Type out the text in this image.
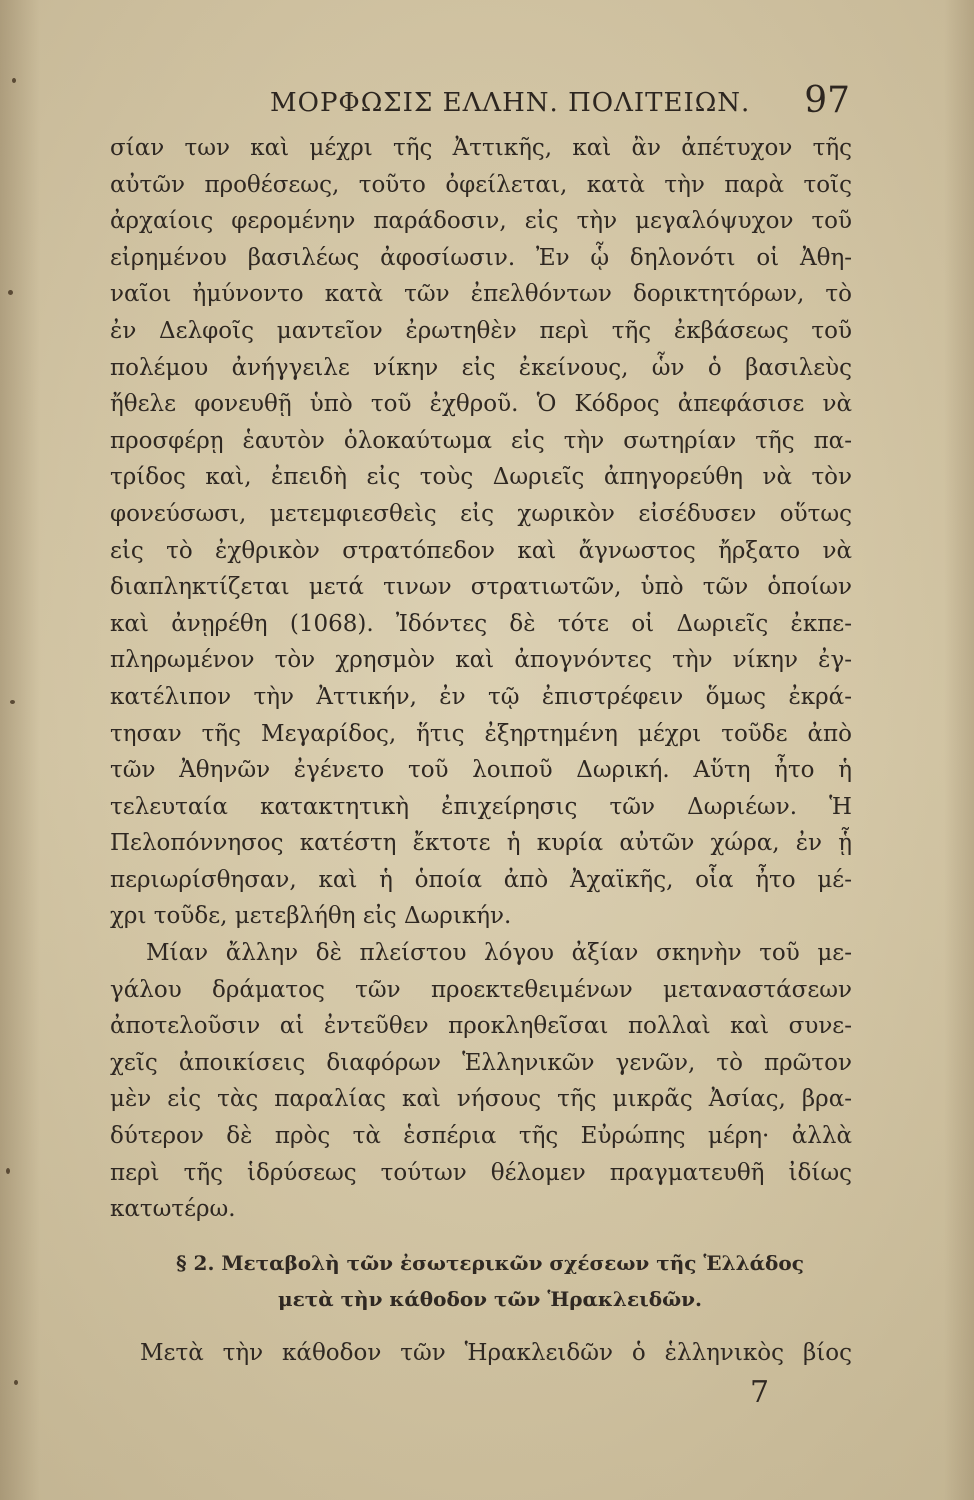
ΜΟΡΦΩΣΙΣ ΕΛΛΗΝ. ΠΟΛΙΤΕΙΩΝ. 97
σίαν των καὶ μέχρι τῆς Ἀττικῆς, καὶ ἂν ἀπέτυχον τῆς
αὐτῶν προθέσεως, τοῦτο ὀφείλεται, κατὰ τὴν παρὰ τοῖς
ἀρχαίοις φερομένην παράδοσιν, εἰς τὴν μεγαλόψυχον τοῦ
εἰρημένου βασιλέως ἀφοσίωσιν. Ἐν ᾧ δηλονότι οἱ Ἀθη-
ναῖοι ἠμύνοντο κατὰ τῶν ἐπελθόντων δορικτητόρων, τὸ
ἐν Δελφοῖς μαντεῖον ἐρωτηθὲν περὶ τῆς ἐκβάσεως τοῦ
πολέμου ἀνήγγειλε νίκην εἰς ἐκείνους, ὧν ὁ βασιλεὺς
ἤθελε φονευθῇ ὑπὸ τοῦ ἐχθροῦ. Ὁ Κόδρος ἀπεφάσισε νὰ
προσφέρῃ ἑαυτὸν ὁλοκαύτωμα εἰς τὴν σωτηρίαν τῆς πα-
τρίδος καὶ, ἐπειδὴ εἰς τοὺς Δωριεῖς ἀπηγορεύθη νὰ τὸν
φονεύσωσι, μετεμφιεσθεὶς εἰς χωρικὸν εἰσέδυσεν οὕτως
εἰς τὸ ἐχθρικὸν στρατόπεδον καὶ ἄγνωστος ἤρξατο νὰ
διαπληκτίζεται μετά τινων στρατιωτῶν, ὑπὸ τῶν ὁποίων
καὶ ἀνῃρέθη (1068). Ἰδόντες δὲ τότε οἱ Δωριεῖς ἐκπε-
πληρωμένον τὸν χρησμὸν καὶ ἀπογνόντες τὴν νίκην ἐγ-
κατέλιπον τὴν Ἀττικήν, ἐν τῷ ἐπιστρέφειν ὅμως ἐκρά-
τησαν τῆς Μεγαρίδος, ἥτις ἐξηρτημένη μέχρι τοῦδε ἀπὸ
τῶν Ἀθηνῶν ἐγένετο τοῦ λοιποῦ Δωρική. Αὕτη ἦτο ἡ
τελευταία κατακτητικὴ ἐπιχείρησις τῶν Δωριέων. Ἡ
Πελοπόννησος κατέστη ἔκτοτε ἡ κυρία αὐτῶν χώρα, ἐν ᾗ
περιωρίσθησαν, καὶ ἡ ὁποία ἀπὸ Ἀχαϊκῆς, οἷα ἦτο μέ-
χρι τοῦδε, μετεβλήθη εἰς Δωρικήν.
Μίαν ἄλλην δὲ πλείστου λόγου ἀξίαν σκηνὴν τοῦ με-
γάλου δράματος τῶν προεκτεθειμένων μεταναστάσεων
ἀποτελοῦσιν αἱ ἐντεῦθεν προκληθεῖσαι πολλαὶ καὶ συνε-
χεῖς ἀποικίσεις διαφόρων Ἑλληνικῶν γενῶν, τὸ πρῶτον
μὲν εἰς τὰς παραλίας καὶ νήσους τῆς μικρᾶς Ἀσίας, βρα-
δύτερον δὲ πρὸς τὰ ἑσπέρια τῆς Εὐρώπης μέρη· ἀλλὰ
περὶ τῆς ἱδρύσεως τούτων θέλομεν πραγματευθῆ ἰδίως
κατωτέρω.
§ 2. Μεταβολὴ τῶν ἐσωτερικῶν σχέσεων τῆς Ἑλλάδος
μετὰ τὴν κάθοδον τῶν Ἡρακλειδῶν.
Μετὰ τὴν κάθοδον τῶν Ἡρακλειδῶν ὁ ἑλληνικὸς βίος
7
